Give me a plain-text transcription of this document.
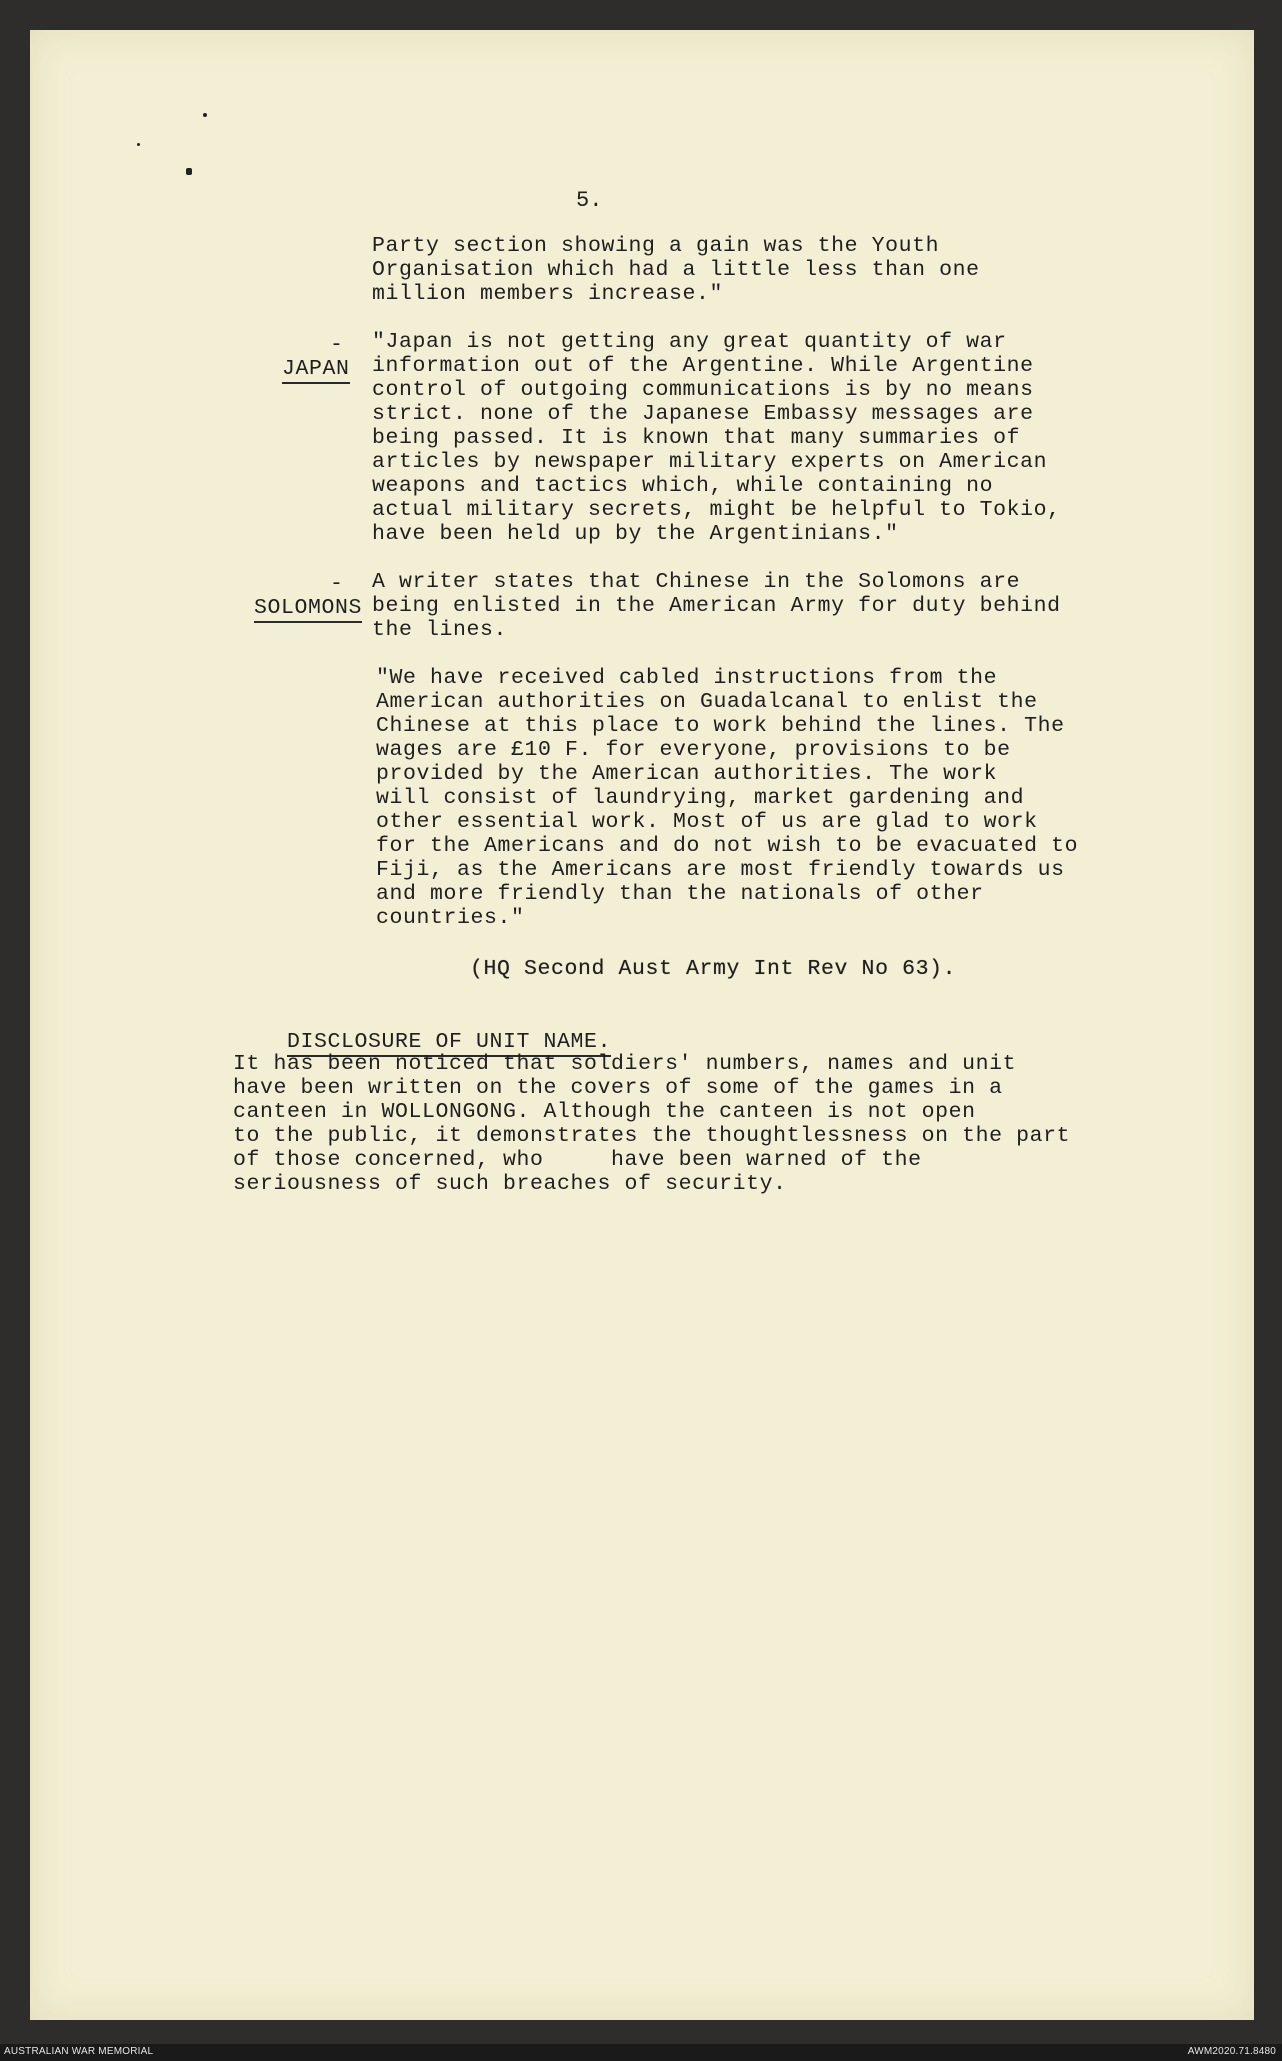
5.
Party section showing a gain was the Youth
Organisation which had a little less than one
million members increase."

JAPAN

- "Japan is not getting any great quantity of war
information out of the Argentine. While Argentine
control of outgoing communications is by no means
strict. none of the Japanese Embassy messages are
being passed. It is known that many summaries of
articles by newspaper military experts on American
weapons and tactics which, while containing no
actual military secrets, might be helpful to Tokio,
have been held up by the Argentinians."

SOLOMONS

- A writer states that Chinese in the Solomons are
being enlisted in the American Army for duty behind
the lines.
"We have received cabled instructions from the
American authorities on Guadalcanal to enlist the
Chinese at this place to work behind the lines. The
wages are £10 F. for everyone, provisions to be
provided by the American authorities. The work
will consist of laundrying, market gardening and
other essential work. Most of us are glad to work
for the Americans and do not wish to be evacuated to
Fiji, as the Americans are most friendly towards us
and more friendly than the nationals of other
countries."
(HQ Second Aust Army Int Rev No 63).

DISCLOSURE OF UNIT NAME.

It has been noticed that soldiers' numbers, names and unit
have been written on the covers of some of the games in a
canteen in WOLLONGONG. Although the canteen is not open
to the public, it demonstrates the thoughtlessness on the part
of those concerned, who     have been warned of the
seriousness of such breaches of security.
AUSTRALIAN WAR MEMORIAL	AWM2020.71.8480
